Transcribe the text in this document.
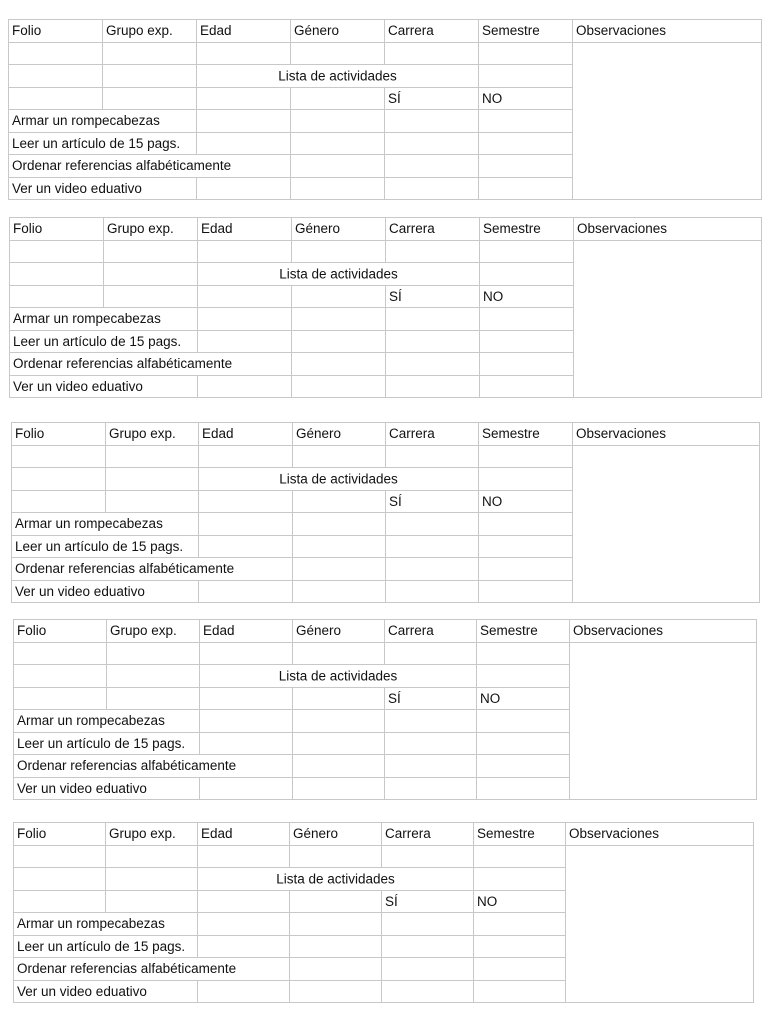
Folio	Grupo exp.	Edad	Género	Carrera	Semestre	Observaciones

		Lista de actividades				

				SÍ	NO	
Armar un rompecabezas						
Leer un artículo de 15 pags.						
Ordenar referencias alfabéticamente						
Ver un video eduativo						
Folio	Grupo exp.	Edad	Género	Carrera	Semestre	Observaciones

		Lista de actividades				

				SÍ	NO	
Armar un rompecabezas						
Leer un artículo de 15 pags.						
Ordenar referencias alfabéticamente						
Ver un video eduativo						
Folio	Grupo exp.	Edad	Género	Carrera	Semestre	Observaciones

		Lista de actividades				

				SÍ	NO	
Armar un rompecabezas						
Leer un artículo de 15 pags.						
Ordenar referencias alfabéticamente						
Ver un video eduativo						
Folio	Grupo exp.	Edad	Género	Carrera	Semestre	Observaciones

		Lista de actividades				

				SÍ	NO	
Armar un rompecabezas						
Leer un artículo de 15 pags.						
Ordenar referencias alfabéticamente						
Ver un video eduativo						
Folio	Grupo exp.	Edad	Género	Carrera	Semestre	Observaciones

		Lista de actividades				

				SÍ	NO	
Armar un rompecabezas						
Leer un artículo de 15 pags.						
Ordenar referencias alfabéticamente						
Ver un video eduativo						
